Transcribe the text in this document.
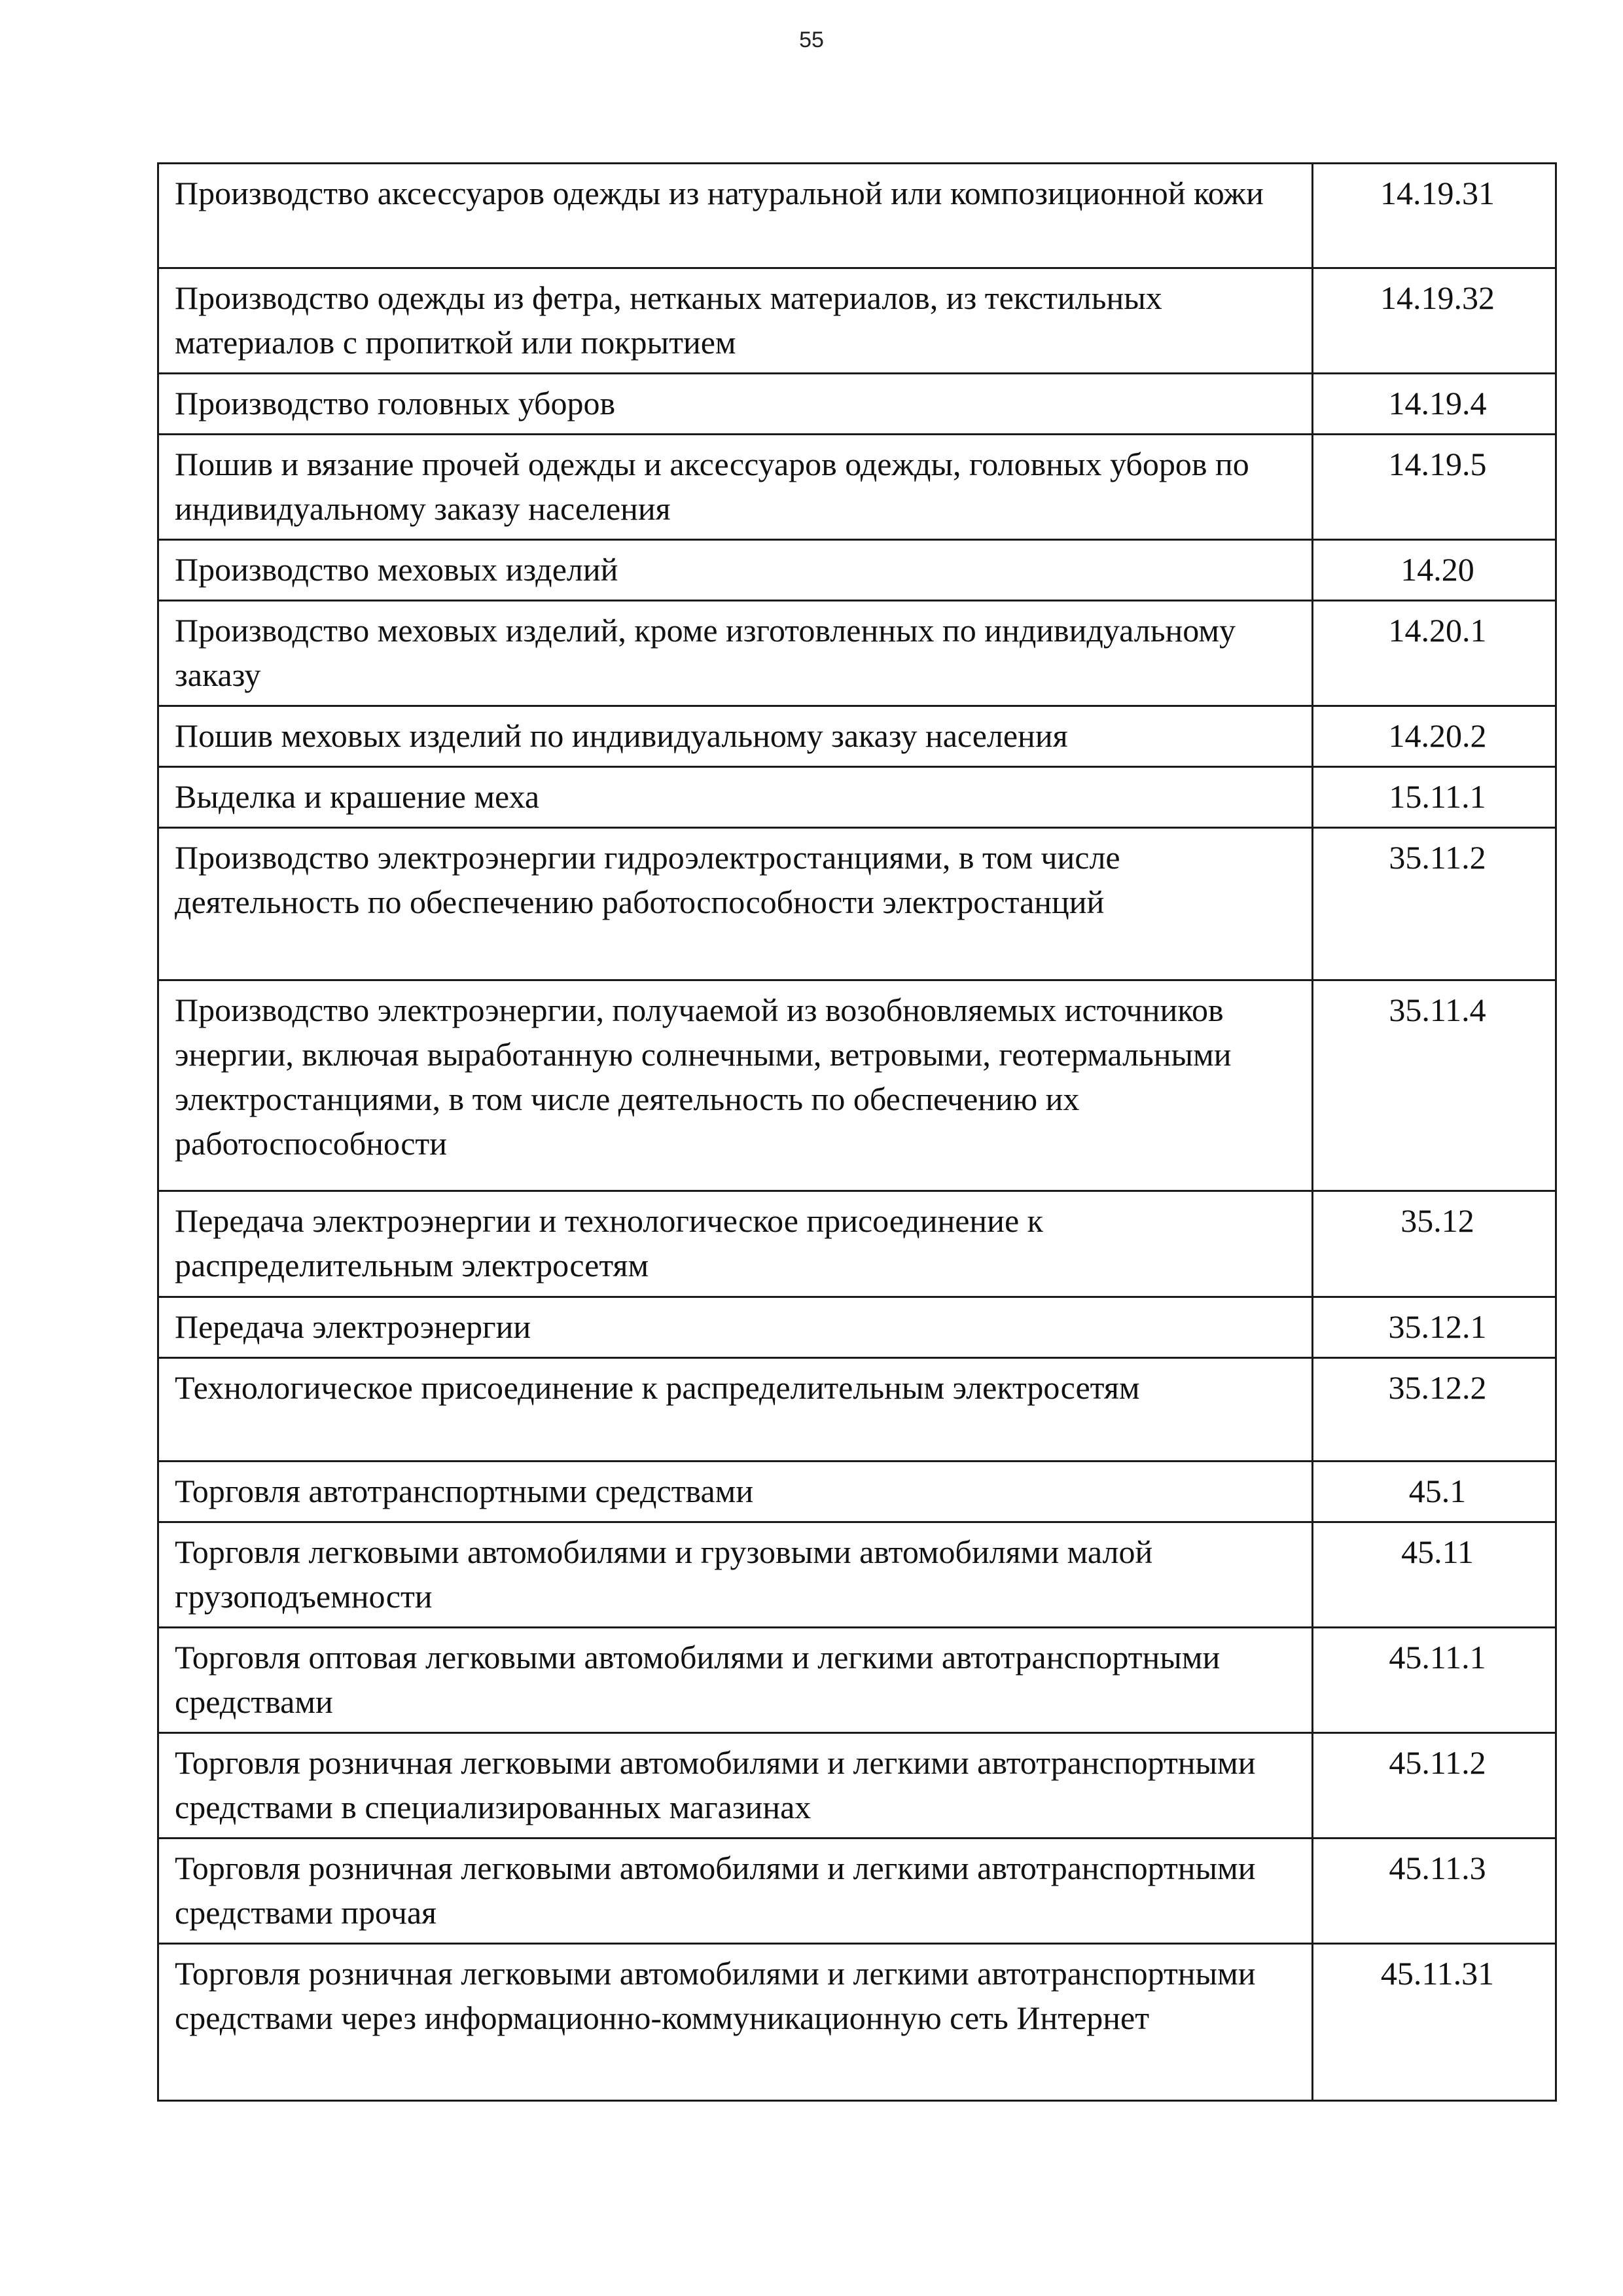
55
Производство аксессуаров одежды из натуральной или композиционной кожи	14.19.31
Производство одежды из фетра, нетканых материалов, из текстильных материалов с пропиткой или покрытием	14.19.32
Производство головных уборов	14.19.4
Пошив и вязание прочей одежды и аксессуаров одежды, головных уборов по индивидуальному заказу населения	14.19.5
Производство меховых изделий	14.20
Производство меховых изделий, кроме изготовленных по индивидуальному заказу	14.20.1
Пошив меховых изделий по индивидуальному заказу населения	14.20.2
Выделка и крашение меха	15.11.1
Производство электроэнергии гидроэлектростанциями, в том числе деятельность по обеспечению работоспособности электростанций	35.11.2
Производство электроэнергии, получаемой из возобновляемых источников энергии, включая выработанную солнечными, ветровыми, геотермальными электростанциями, в том числе деятельность по обеспечению их работоспособности	35.11.4
Передача электроэнергии и технологическое присоединение к распределительным электросетям	35.12
Передача электроэнергии	35.12.1
Технологическое присоединение к распределительным электросетям	35.12.2
Торговля автотранспортными средствами	45.1
Торговля легковыми автомобилями и грузовыми автомобилями малой грузоподъемности	45.11
Торговля оптовая легковыми автомобилями и легкими автотранспортными средствами	45.11.1
Торговля розничная легковыми автомобилями и легкими автотранспортными средствами в специализированных магазинах	45.11.2
Торговля розничная легковыми автомобилями и легкими автотранспортными средствами прочая	45.11.3
Торговля розничная легковыми автомобилями и легкими автотранспортными средствами через информационно-коммуникационную сеть Интернет	45.11.31
